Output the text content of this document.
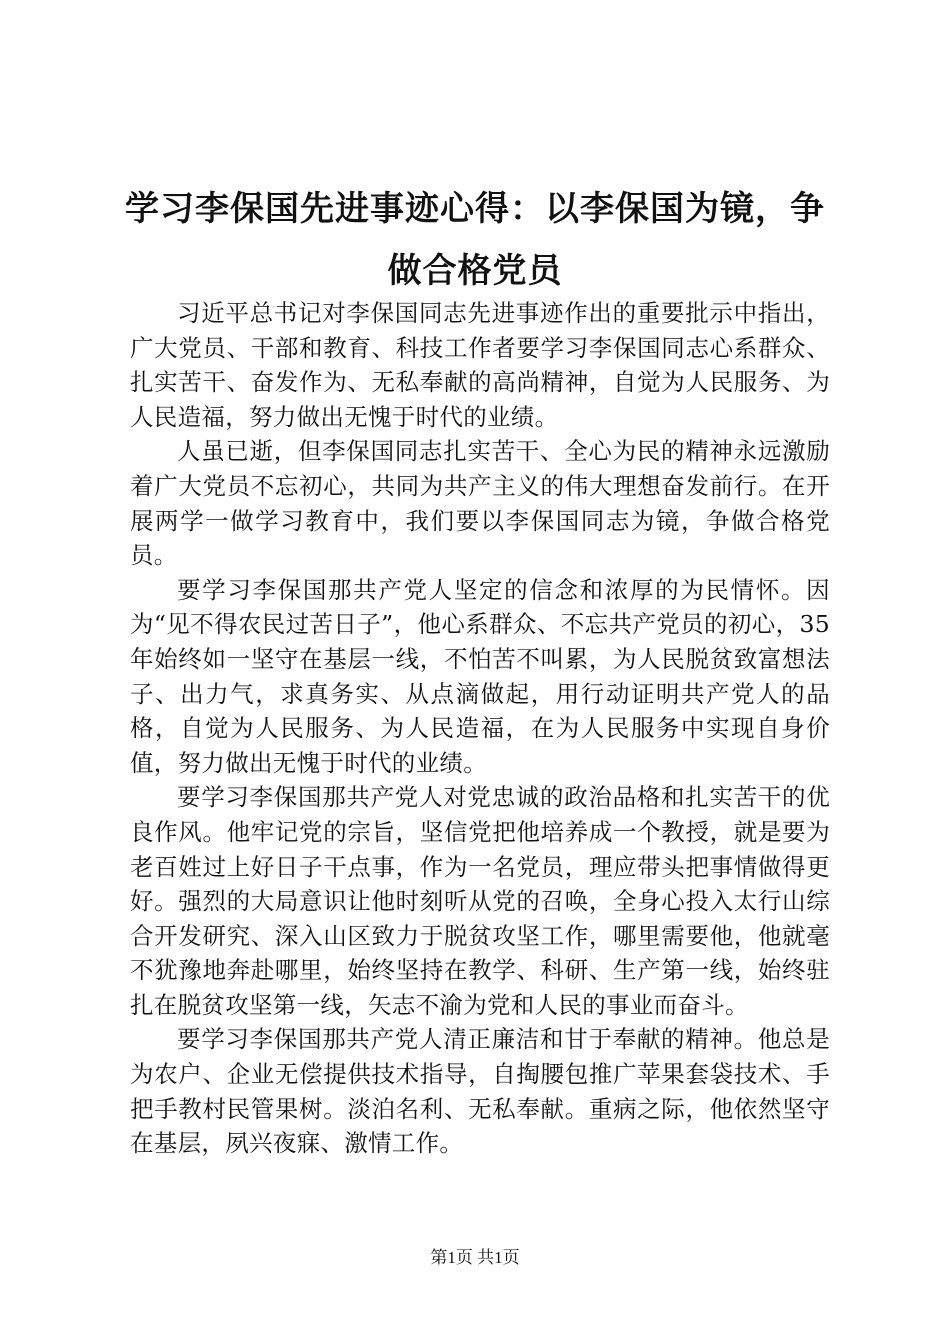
学习李保国先进事迹心得：以李保国为镜，争
做合格党员

习近平总书记对李保国同志先进事迹作出的重要批示中指出，广大党员、干部和教育、科技工作者要学习李保国同志心系群众、扎实苦干、奋发作为、无私奉献的高尚精神，自觉为人民服务、为人民造福，努力做出无愧于时代的业绩。

人虽已逝，但李保国同志扎实苦干、全心为民的精神永远激励着广大党员不忘初心，共同为共产主义的伟大理想奋发前行。在开展两学一做学习教育中，我们要以李保国同志为镜，争做合格党员。

要学习李保国那共产党人坚定的信念和浓厚的为民情怀。因为“见不得农民过苦日子”，他心系群众、不忘共产党员的初心，35年始终如一坚守在基层一线，不怕苦不叫累，为人民脱贫致富想法子、出力气，求真务实、从点滴做起，用行动证明共产党人的品格，自觉为人民服务、为人民造福，在为人民服务中实现自身价值，努力做出无愧于时代的业绩。

要学习李保国那共产党人对党忠诚的政治品格和扎实苦干的优良作风。他牢记党的宗旨，坚信党把他培养成一个教授，就是要为老百姓过上好日子干点事，作为一名党员，理应带头把事情做得更好。强烈的大局意识让他时刻听从党的召唤，全身心投入太行山综合开发研究、深入山区致力于脱贫攻坚工作，哪里需要他，他就毫不犹豫地奔赴哪里，始终坚持在教学、科研、生产第一线，始终驻扎在脱贫攻坚第一线，矢志不渝为党和人民的事业而奋斗。

要学习李保国那共产党人清正廉洁和甘于奉献的精神。他总是为农户、企业无偿提供技术指导，自掏腰包推广苹果套袋技术、手把手教村民管果树。淡泊名利、无私奉献。重病之际，他依然坚守在基层，夙兴夜寐、激情工作。

第1页 共1页
